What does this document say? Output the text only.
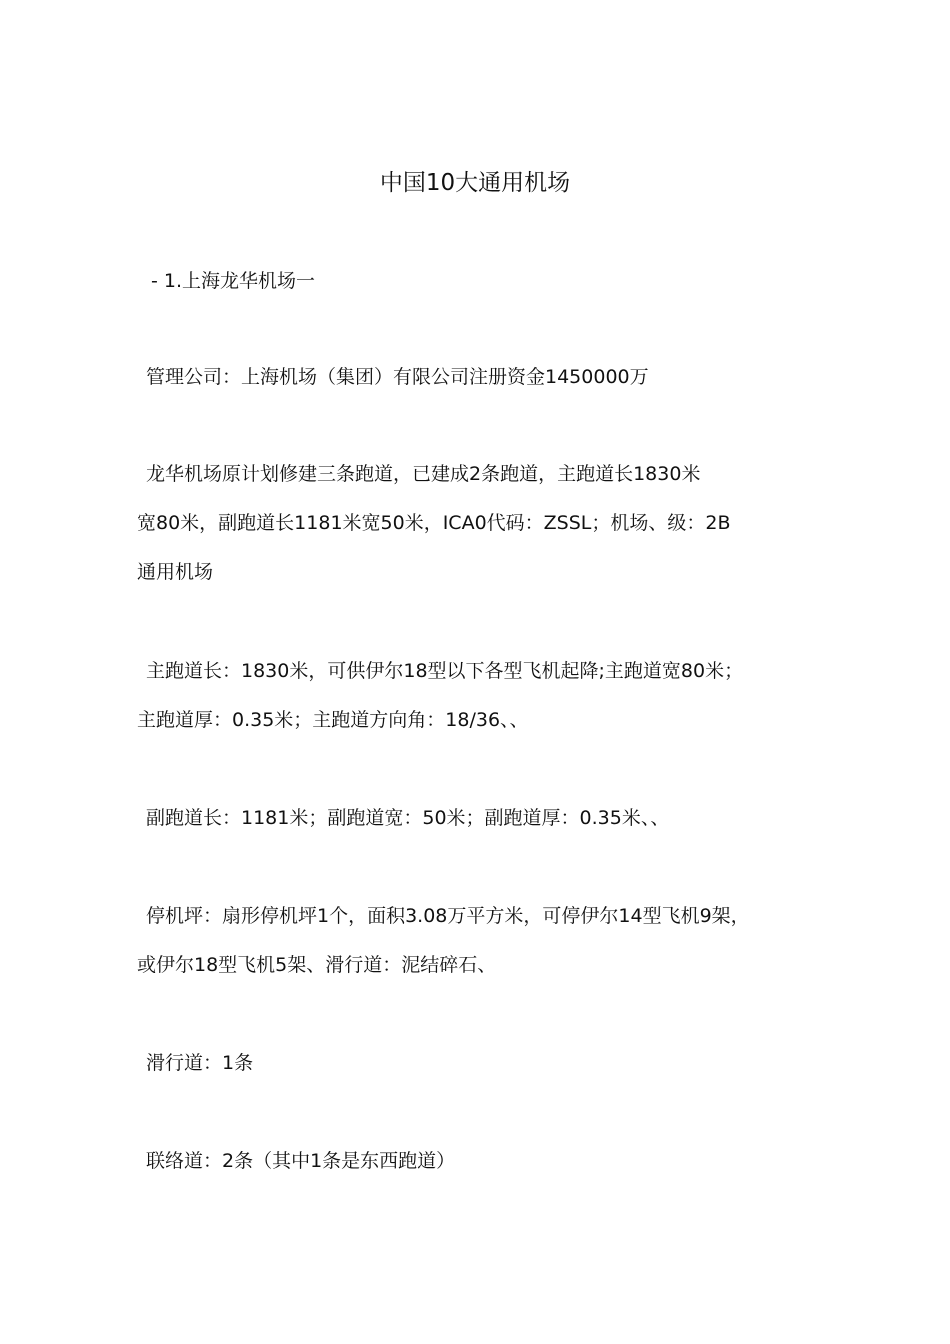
中国10大通用机场

- 1.上海龙华机场一

管理公司：上海机场（集团）有限公司注册资金1450000万

龙华机场原计划修建三条跑道，已建成2条跑道，主跑道长1830米
宽80米，副跑道长1181米宽50米，ICA0代码：ZSSL；机场、级：2B
通用机场
主跑道长：1830米，可供伊尔18型以下各型飞机起降;主跑道宽80米；
主跑道厚：0.35米；主跑道方向角：18/36、、

副跑道长：1181米；副跑道宽：50米；副跑道厚：0.35米、、

停机坪：扇形停机坪1个，面积3.08万平方米，可停伊尔14型飞机9架，
或伊尔18型飞机5架、滑行道：泥结碎石、

滑行道：1条

联络道：2条（其中1条是东西跑道）
